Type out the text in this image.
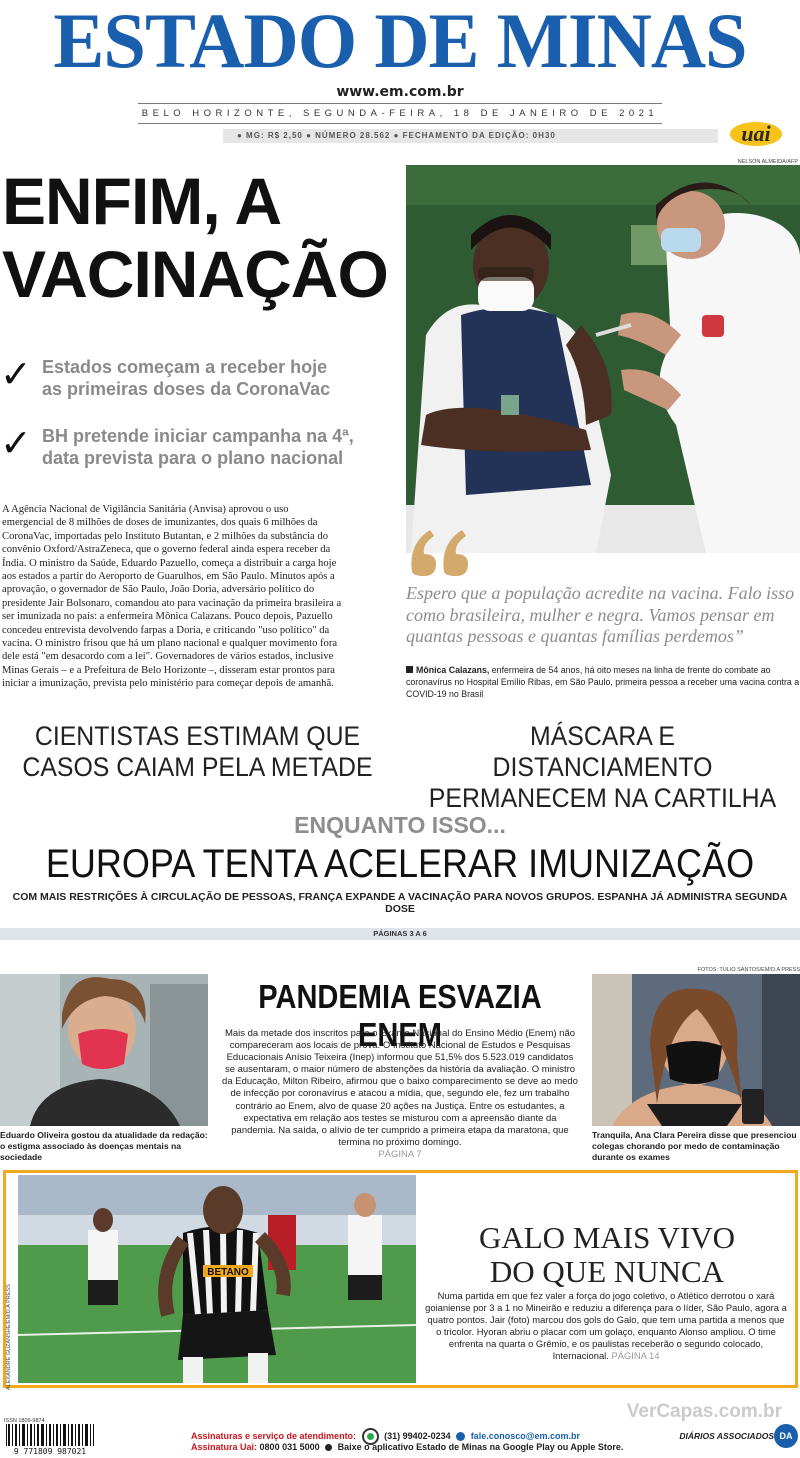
ESTADO DE MINAS
www.em.com.br
BELO HORIZONTE, SEGUNDA-FEIRA, 18 DE JANEIRO DE 2021
● MG: R$ 2,50 ● NÚMERO 28.562 ● FECHAMENTO DA EDIÇÃO: 0H30	uai
NELSON ALMEIDA/AFP
ENFIM, A
VACINAÇÃO
✓ Estados começam a receber hoje
as primeiras doses da CoronaVac
✓ BH pretende iniciar campanha na 4ª,
data prevista para o plano nacional
A Agência Nacional de Vigilância Sanitária (Anvisa) aprovou o uso emergencial de 8 milhões de doses de imunizantes, dos quais 6 milhões da CoronaVac, importadas pelo Instituto Butantan, e 2 milhões da substância do convênio Oxford/AstraZeneca, que o governo federal ainda espera receber da Índia. O ministro da Saúde, Eduardo Pazuello, começa a distribuir a carga hoje aos estados a partir do Aeroporto de Guarulhos, em São Paulo. Minutos após a aprovação, o governador de São Paulo, João Doria, adversário político do presidente Jair Bolsonaro, comandou ato para vacinação da primeira brasileira a ser imunizada no país: a enfermeira Mônica Calazans. Pouco depois, Pazuello concedeu entrevista devolvendo farpas a Doria, e criticando "uso político" da vacina. O ministro frisou que há um plano nacional e qualquer movimento fora dele está "em desacordo com a lei". Governadores de vários estados, inclusive Minas Gerais – e a Prefeitura de Belo Horizonte –, disseram estar prontos para iniciar a imunização, prevista pelo ministério para começar depois de amanhã.
Espero que a população acredite na vacina. Falo isso como brasileira, mulher e negra. Vamos pensar em quantas pessoas e quantas famílias perdemos”
Mônica Calazans, enfermeira de 54 anos, há oito meses na linha de frente do combate ao coronavírus no Hospital Emílio Ribas, em São Paulo, primeira pessoa a receber uma vacina contra a COVID-19 no Brasil
CIENTISTAS ESTIMAM QUE
CASOS CAIAM PELA METADE
MÁSCARA E DISTANCIAMENTO
PERMANECEM NA CARTILHA
ENQUANTO ISSO...
EUROPA TENTA ACELERAR IMUNIZAÇÃO
COM MAIS RESTRIÇÕES À CIRCULAÇÃO DE PESSOAS, FRANÇA EXPANDE A VACINAÇÃO PARA NOVOS GRUPOS. ESPANHA JÁ ADMINISTRA SEGUNDA DOSE
PÁGINAS 3 A 6
FOTOS: TÚLIO SANTOS/EM/D.A PRESS
PANDEMIA ESVAZIA ENEM
Mais da metade dos inscritos para o Exame Nacional do Ensino Médio (Enem) não compareceram aos locais de prova. O Instituto Nacional de Estudos e Pesquisas Educacionais Anísio Teixeira (Inep) informou que 51,5% dos 5.523.019 candidatos se ausentaram, o maior número de abstenções da história da avaliação. O ministro da Educação, Milton Ribeiro, afirmou que o baixo comparecimento se deve ao medo de infecção por coronavírus e atacou a mídia, que, segundo ele, fez um trabalho contrário ao Enem, alvo de quase 20 ações na Justiça. Entre os estudantes, a expectativa em relação aos testes se misturou com a apreensão diante da pandemia. Na saída, o alívio de ter cumprido a primeira etapa da maratona, que termina no próximo domingo.
PÁGINA 7
Eduardo Oliveira gostou da atualidade da redação: o estigma associado às doenças mentais na sociedade
Tranquila, Ana Clara Pereira disse que presenciou colegas chorando por medo de contaminação durante os exames
ALEXANDRE GUZANSHE/EM/D.A PRESS
BETANO
GALO MAIS VIVO
DO QUE NUNCA
Numa partida em que fez valer a força do jogo coletivo, o Atlético derrotou o xará goianiense por 3 a 1 no Mineirão e reduziu a diferença para o líder, São Paulo, agora a quatro pontos. Jair (foto) marcou dos gols do Galo, que tem uma partida a menos que o tricolor. Hyoran abriu o placar com um golaço, enquanto Alonso ampliou. O time enfrenta na quarta o Grêmio, e os paulistas receberão o segundo colocado, Internacional. PÁGINA 14
VerCapas.com.br
ISSN 1809-9874
9 771809 987021
Assinaturas e serviço de atendimento:	(31) 99402-0234 fale.conosco@em.com.br
Assinatura Uai: 0800 031 5000 Baixe o aplicativo Estado de Minas na Google Play ou Apple Store.
DIÁRIOS ASSOCIADOS DA
